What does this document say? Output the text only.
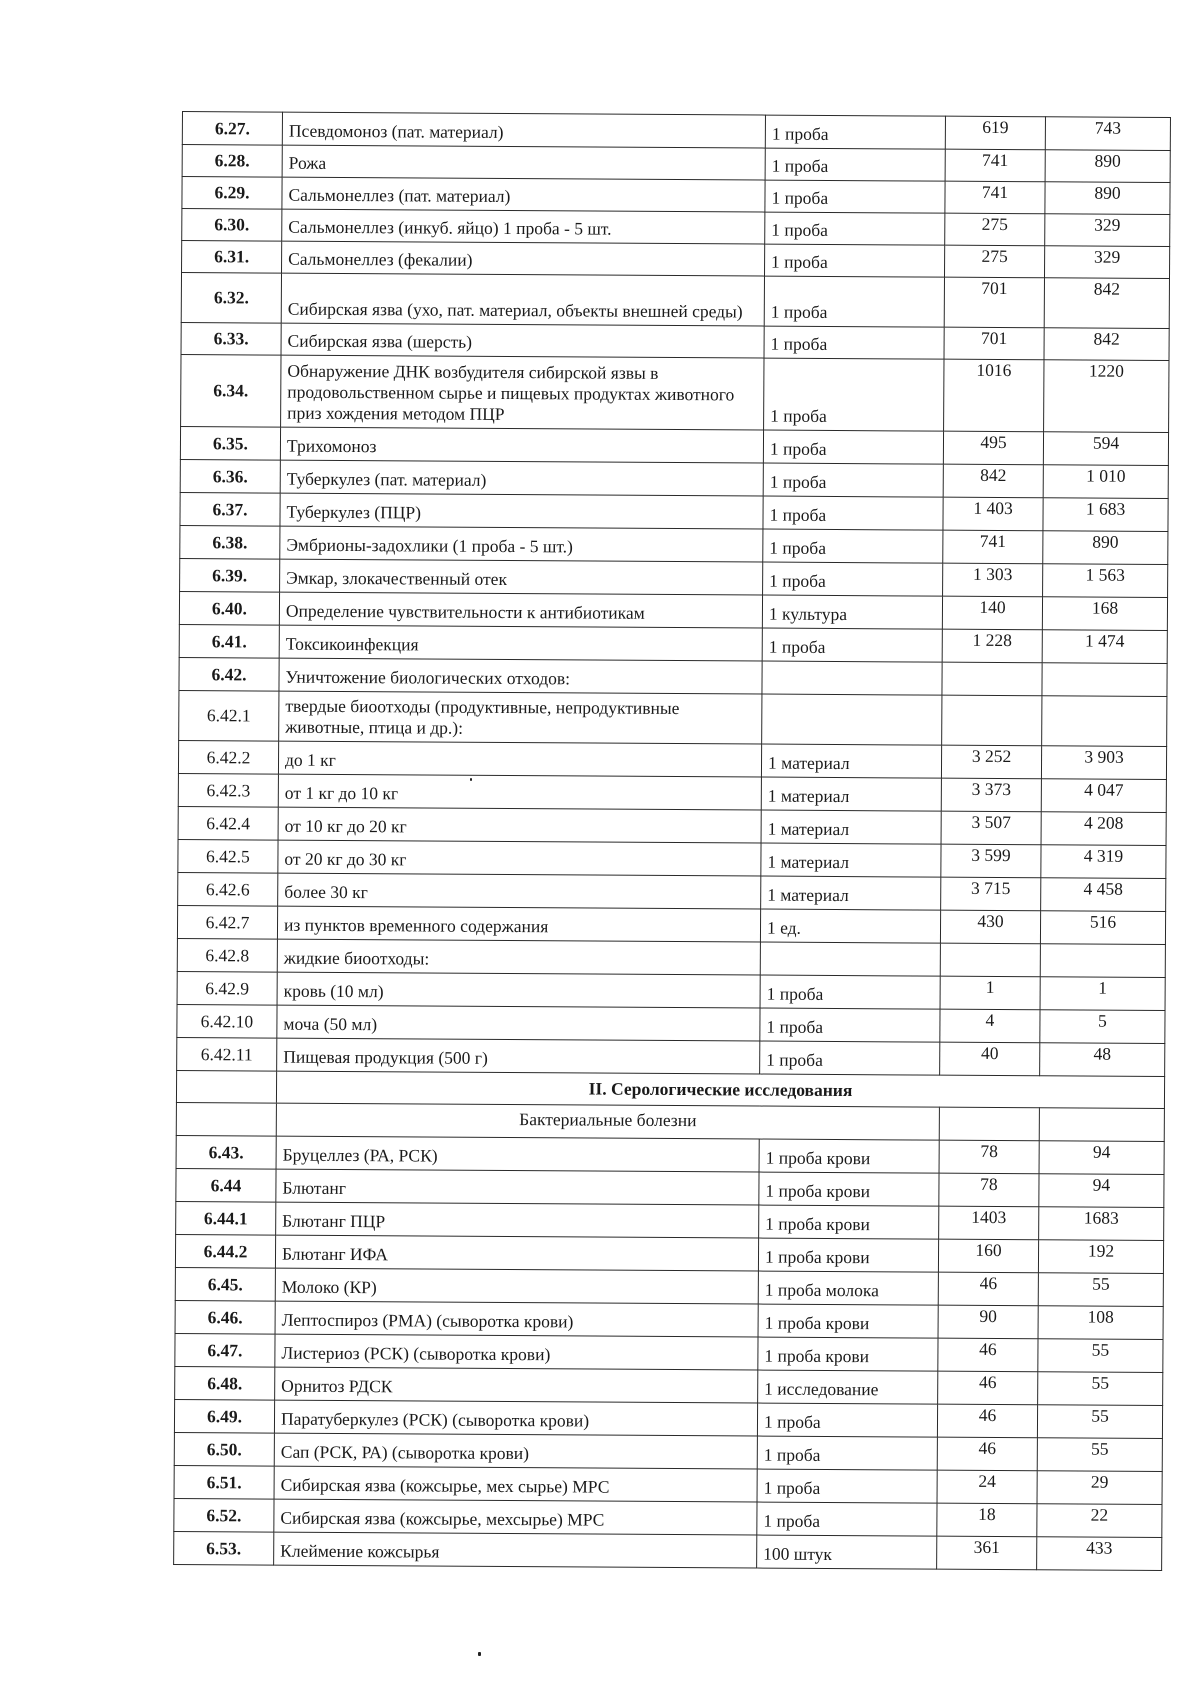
6.27.	Псевдомоноз (пат. материал)	1 проба	619	743
6.28.	Рожа	1 проба	741	890
6.29.	Сальмонеллез (пат. материал)	1 проба	741	890
6.30.	Сальмонеллез (инкуб. яйцо) 1 проба - 5 шт.	1 проба	275	329
6.31.	Сальмонеллез (фекалии)	1 проба	275	329
6.32.	Сибирская язва (ухо, пат. материал, объекты внешней среды)	1 проба	701	842
6.33.	Сибирская язва (шерсть)	1 проба	701	842
6.34.	Обнаружение ДНК возбудителя сибирской язвы в продовольственном сырье и пищевых продуктах животного приз хождения методом ПЦР	1 проба	1016	1220
6.35.	Трихомоноз	1 проба	495	594
6.36.	Туберкулез (пат. материал)	1 проба	842	1 010
6.37.	Туберкулез (ПЦР)	1 проба	1 403	1 683
6.38.	Эмбрионы-задохлики (1 проба - 5 шт.)	1 проба	741	890
6.39.	Эмкар, злокачественный отек	1 проба	1 303	1 563
6.40.	Определение чувствительности к антибиотикам	1 культура	140	168
6.41.	Токсикоинфекция	1 проба	1 228	1 474
6.42.	Уничтожение биологических отходов:			
6.42.1	твердые биоотходы (продуктивные, непродуктивные животные, птица и др.):			
6.42.2	до 1 кг	1 материал	3 252	3 903
6.42.3	от 1 кг до 10 кг	1 материал	3 373	4 047
6.42.4	от 10 кг до 20 кг	1 материал	3 507	4 208
6.42.5	от 20 кг до 30 кг	1 материал	3 599	4 319
6.42.6	более 30 кг	1 материал	3 715	4 458
6.42.7	из пунктов временного содержания	1 ед.	430	516
6.42.8	жидкие биоотходы:			
6.42.9	кровь (10 мл)	1 проба	1	1
6.42.10	моча (50 мл)	1 проба	4	5
6.42.11	Пищевая продукция (500 г)	1 проба	40	48
	II. Серологические исследования			
	Бактериальные болезни			
6.43.	Бруцеллез (РА, РСК)	1 проба крови	78	94
6.44	Блютанг	1 проба крови	78	94
6.44.1	Блютанг ПЦР	1 проба крови	1403	1683
6.44.2	Блютанг ИФА	1 проба крови	160	192
6.45.	Молоко (КР)	1 проба молока	46	55
6.46.	Лептоспироз (РМА) (сыворотка крови)	1 проба крови	90	108
6.47.	Листериоз (РСК) (сыворотка крови)	1 проба крови	46	55
6.48.	Орнитоз РДСК	1 исследование	46	55
6.49.	Паратуберкулез (РСК) (сыворотка крови)	1 проба	46	55
6.50.	Сап (РСК, РА) (сыворотка крови)	1 проба	46	55
6.51.	Сибирская язва (кожсырье, мех сырье) МРС	1 проба	24	29
6.52.	Сибирская язва (кожсырье, мехсырье) МРС	1 проба	18	22
6.53.	Клеймение кожсырья	100 штук	361	433
